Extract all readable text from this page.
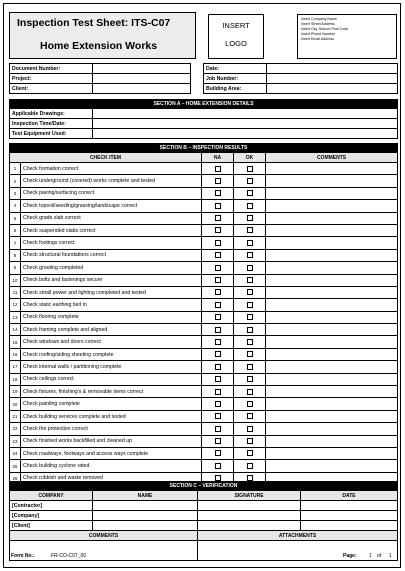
Inspection Test Sheet: ITS-C07
Home Extension Works
INSERT
LOGO
Insert Company Name
Insert Street Address
Insert City, Suburb Post Code
Insert Phone Number
Insert Email Address
Document Number:			Date:	
Project:			Job Number:	
Client:			Building Area:	
SECTION A – HOME EXTENSION DETAILS	
Applicable Drawings:	
Inspection Time/Date:	
Test Equipment Used:	
SECTION B – INSPECTION RESULTS				
CHECK ITEM		NA	OK	COMMENTS
1	Check formation correct			
2	Check underground (covered) works complete and tested			
3	Check paving/surfacing correct			
4	Check topsoil/seeding/grassing/landscape correct			
5	Check grade slab correct			
6	Check suspended slabs correct			
7	Check footings correct			
8	Check structural foundations correct			
9	Check grouting completed			
10	Check bolts and fastenings secure			
11	Check small power and lighting completed and tested			
12	Check static earthing tied in			
13	Check flooring complete			
14	Check framing complete and aligned			
15	Check windows and doors correct			
16	Check roofing/siding sheeting complete			
17	Check internal walls / partitioning complete			
18	Check ceilings correct			
19	Check fixtures, finishing's & removable items correct			
20	Check painting complete			
21	Check building services complete and tested			
22	Check fire protection correct			
23	Check finished works backfilled and cleaned up			
24	Check roadways, footways and access ways complete			
25	Check building cyclone rated			
26	Check rubbish and waste removed			
SECTION C – VERIFICATION			
COMPANY	NAME	SIGNATURE	DATE
[Contractor]			
[Company]			
[Client]			
COMMENTS		ATTACHMENTS	

Form No.:	FR-CO-C07_00	Page: 1 of 1
